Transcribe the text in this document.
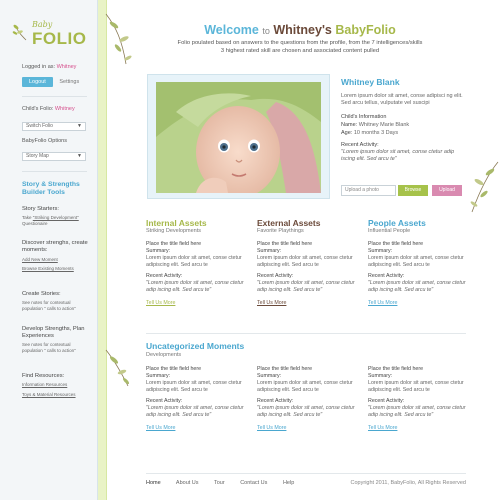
Baby
FOLIO
Logged in as: Whitney
Logout Settings
Child's Folio: Whitney
Switch Folio	▼
BabyFolio Options
Story Map	▼
Story & Strengths Builder Tools
Story Starters:
Take "Striking Development" Questionaire
Discover strenghs, create moments:
Add New Moment
Browse Existing Moments
Create Stories:
See notes for contextual population " calls to action"
Develop Strengths, Plan Experiences
See notes for contextual population " calls to action"
Find Resources:
Information Resources
Toys & Material Resources
Welcome to Whitney's BabyFolio
Folio poulated based on answers to the questions from the profile, from the 7 intelligences/skills
3 highest rated skill are chosen and associated content pulled
Whitney Blank
Lorem ipsum dolor sit amet, conse adipisci ng elit. Sed arcu tellus, vulputate vel suscipi
Child's Information
Name: Whitney Marie Blank
Age: 10 months 3 Days
Recent Activity:
"Lorem ipsum dolor sit amet, conse ctetur adip iscing elit. Sed arcu te"
Upload a photo	Browse	Upload
Internal Assets
Striking Developments
Place the title field here
Summary:
Lorem ipsum dolor sit amet, conse ctetur adipiscing elit. Sed arcu te
Recent Activity:
"Lorem ipsum dolor sit amet, conse ctetur adip iscing elit. Sed arcu te"
Tell Us More
External Assets
Favorite Playthings
Place the title field here
Summary:
Lorem ipsum dolor sit amet, conse ctetur adipiscing elit. Sed arcu te
Recent Activity:
"Lorem ipsum dolor sit amet, conse ctetur adip iscing elit. Sed arcu te"
Tell Us More
People Assets
Influential People
Place the title field here
Summary:
Lorem ipsum dolor sit amet, conse ctetur adipiscing elit. Sed arcu te
Recent Activity:
"Lorem ipsum dolor sit amet, conse ctetur adip iscing elit. Sed arcu te"
Tell Us More
Uncategorized Moments
Developments
Place the title field here
Summary:
Lorem ipsum dolor sit amet, conse ctetur adipiscing elit. Sed arcu te
Recent Activity:
"Lorem ipsum dolor sit amet, conse ctetur adip iscing elit. Sed arcu te"
Tell Us More
Place the title field here
Summary:
Lorem ipsum dolor sit amet, conse ctetur adipiscing elit. Sed arcu te
Recent Activity:
"Lorem ipsum dolor sit amet, conse ctetur adip iscing elit. Sed arcu te"
Tell Us More
Place the title field here
Summary:
Lorem ipsum dolor sit amet, conse ctetur adipiscing elit. Sed arcu te
Recent Activity:
"Lorem ipsum dolor sit amet, conse ctetur adip iscing elit. Sed arcu te"
Tell Us More
Home	About Us	Tour	Contact Us	Help	Copyright 2011, BabyFolio, All Rights Reserved
